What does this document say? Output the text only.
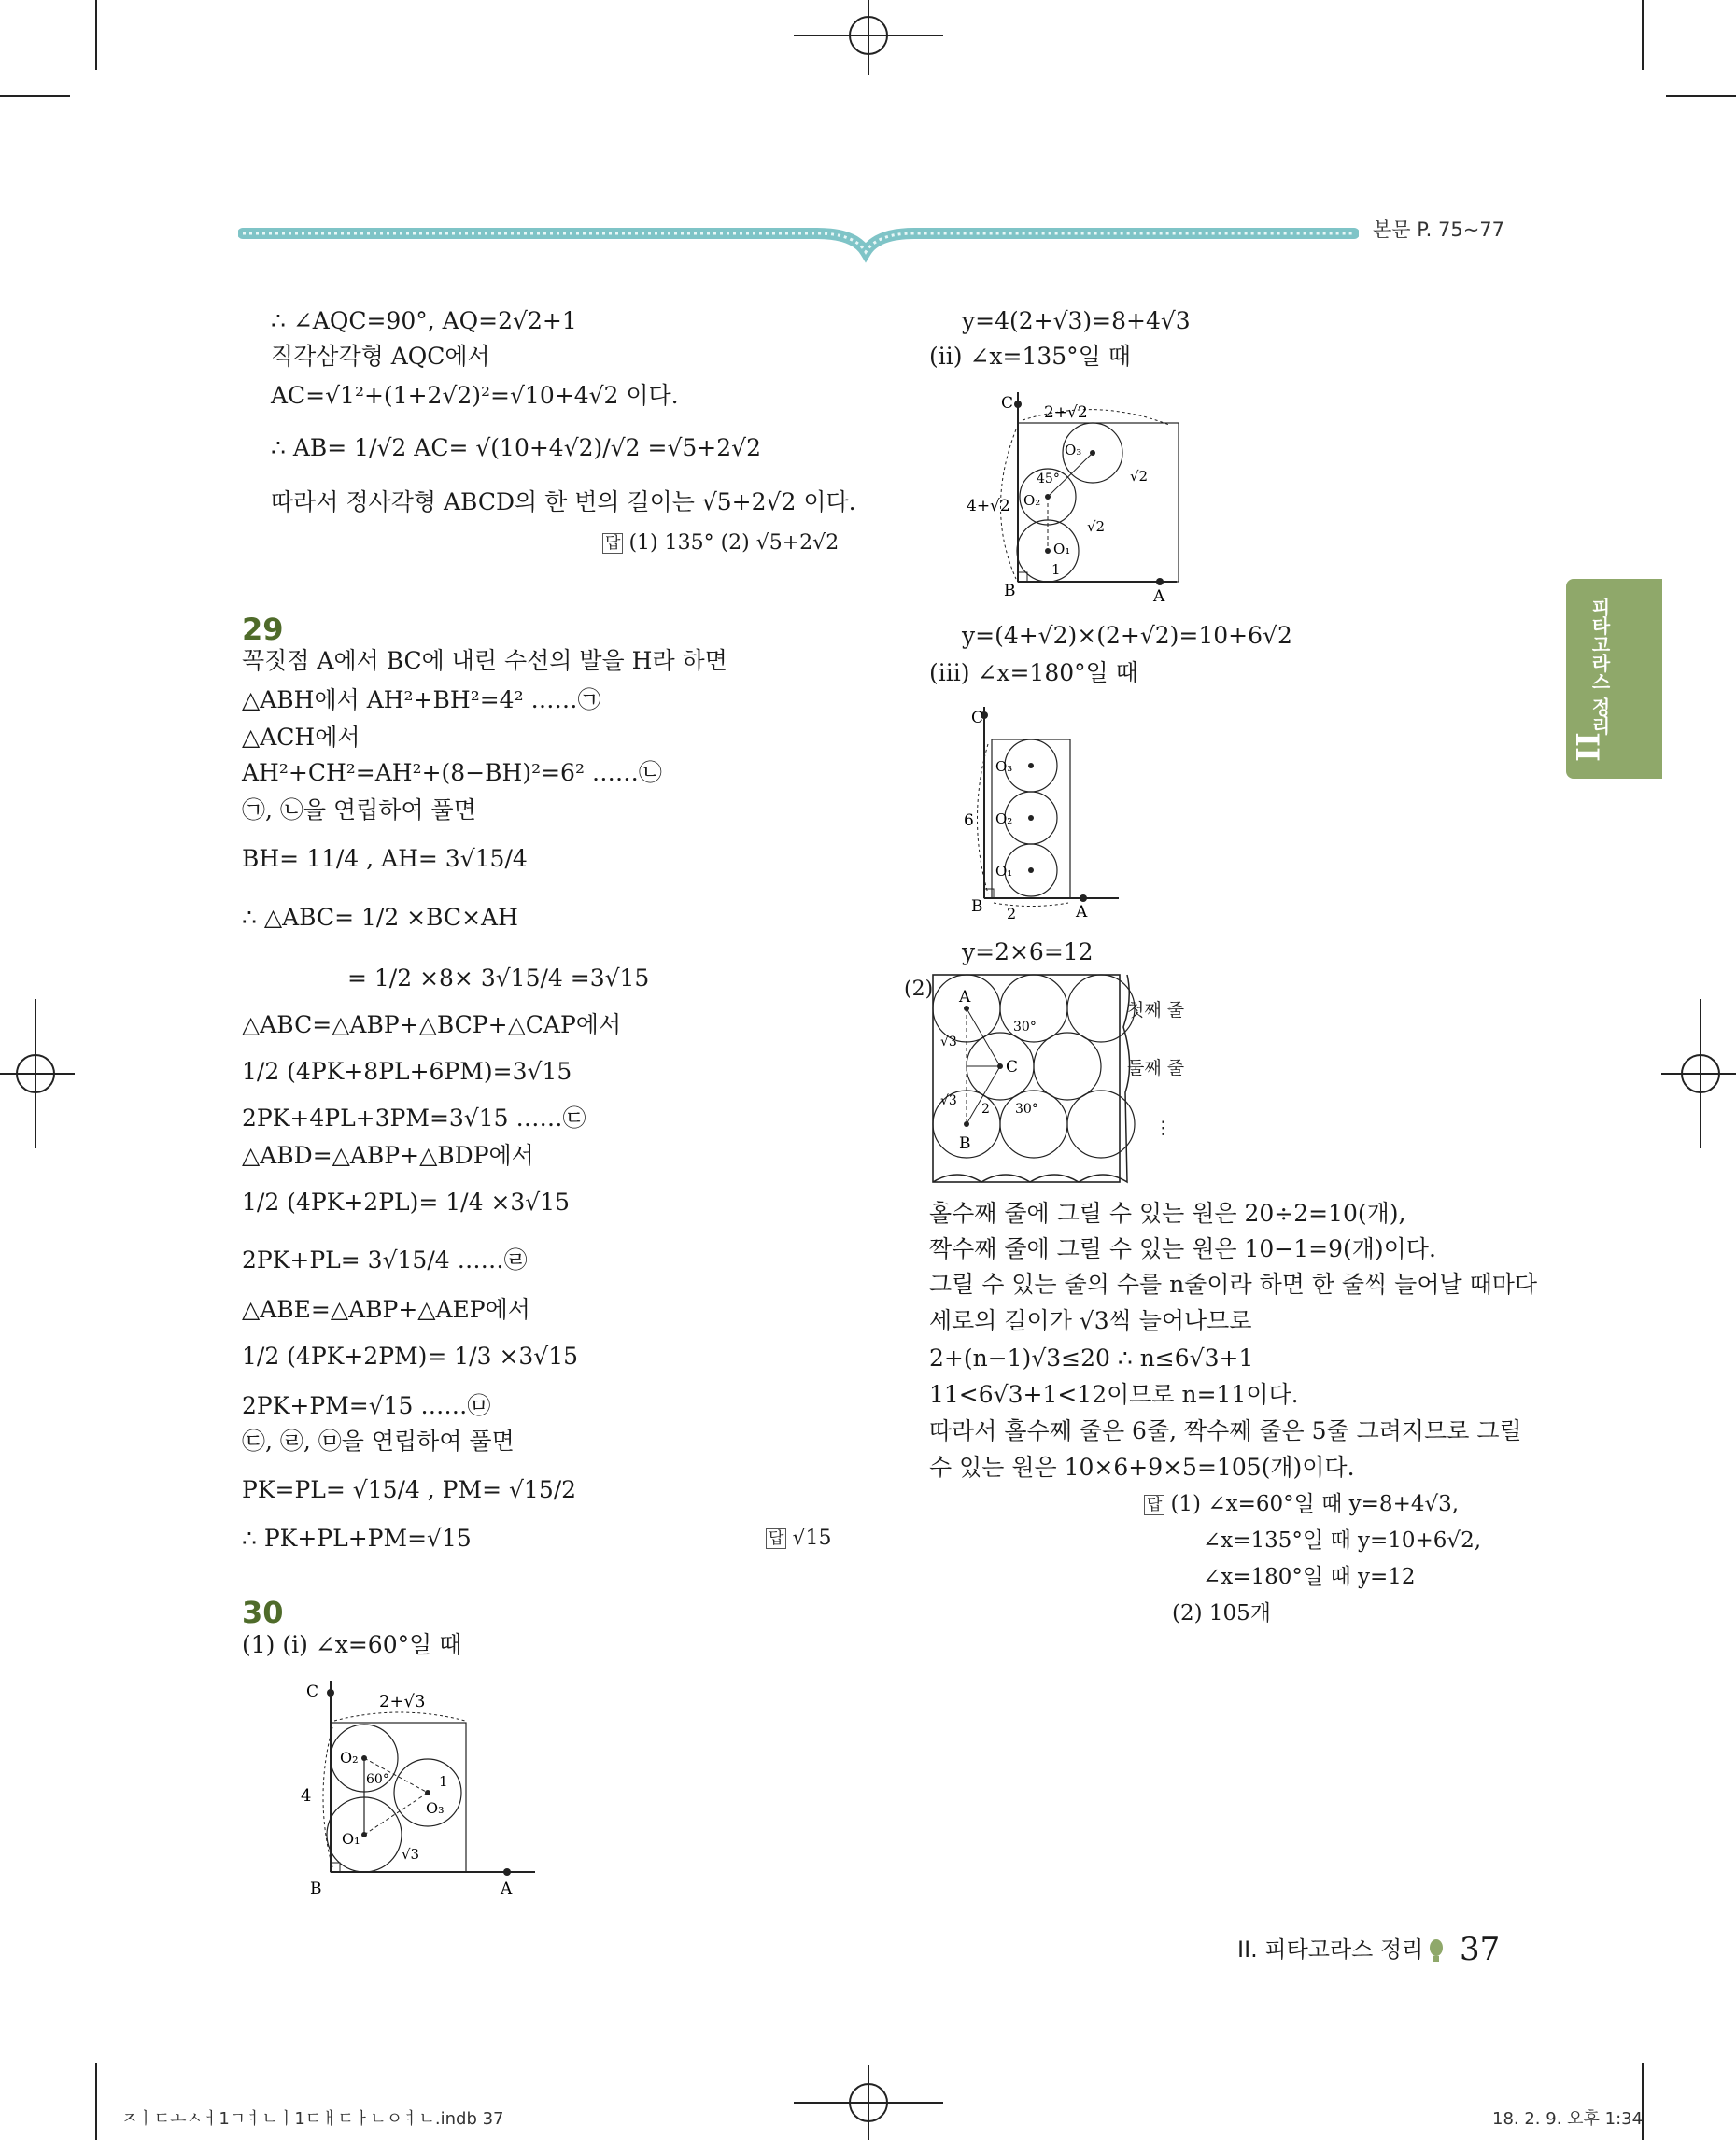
본문 P. 75~77
피타고라스 정리
II
∴ ∠AQC=90°, AQ=2√2+1
직각삼각형 AQC에서
AC=√1²+(1+2√2)²=√10+4√2 이다.
∴ AB= 1/√2 AC= √(10+4√2)/√2 =√5+2√2
따라서 정사각형 ABCD의 한 변의 길이는 √5+2√2 이다.
답 (1) 135° (2) √5+2√2
29
꼭짓점 A에서 BC에 내린 수선의 발을 H라 하면
△ABH에서 AH²+BH²=4² ……㉠
△ACH에서
AH²+CH²=AH²+(8−BH)²=6² ……㉡
㉠, ㉡을 연립하여 풀면
BH= 11/4 , AH= 3√15/4
∴ △ABC= 1/2 ×BC×AH
= 1/2 ×8× 3√15/4 =3√15
△ABC=△ABP+△BCP+△CAP에서
1/2 (4PK+8PL+6PM)=3√15
2PK+4PL+3PM=3√15 ……㉢
△ABD=△ABP+△BDP에서
1/2 (4PK+2PL)= 1/4 ×3√15
2PK+PL= 3√15/4 ……㉣
△ABE=△ABP+△AEP에서
1/2 (4PK+2PM)= 1/3 ×3√15
2PK+PM=√15 ……㉤
㉢, ㉣, ㉤을 연립하여 풀면
PK=PL= √15/4 , PM= √15/2
∴ PK+PL+PM=√15	답 √15
30
(1) (i) ∠x=60°일 때
2+√3
4
O₂
O₁
O₃
60°	1
√3
C
B	A
y=4(2+√3)=8+4√3
(ii) ∠x=135°일 때
2+√2
4+√2
45°	√2
√2
1
O₁
O₂
O₃
C
B	A
y=(4+√2)×(2+√2)=10+6√2
(iii) ∠x=180°일 때
6
2
O₃
O₂
O₁
C
B	A
y=2×6=12
(2) A
B
C
30°
30°
√3
√3
2
첫째 줄
둘째 줄
⋮
홀수째 줄에 그릴 수 있는 원은 20÷2=10(개),
짝수째 줄에 그릴 수 있는 원은 10−1=9(개)이다.
그릴 수 있는 줄의 수를 n줄이라 하면 한 줄씩 늘어날 때마다
세로의 길이가 √3씩 늘어나므로
2+(n−1)√3≤20 ∴ n≤6√3+1
11<6√3+1<12이므로 n=11이다.
따라서 홀수째 줄은 6줄, 짝수째 줄은 5줄 그려지므로 그릴
수 있는 원은 10×6+9×5=105(개)이다.
답 (1) ∠x=60°일 때 y=8+4√3,
∠x=135°일 때 y=10+6√2,
∠x=180°일 때 y=12
(2) 105개
II. 피타고라스 정리 37
ㅈㅣㄷㅗㅅㅓ1ㄱㅕㄴㅣ1ㄷㅐㄷㅏㄴㅇㅕㄴ.indb 37	18. 2. 9. 오후 1:34
